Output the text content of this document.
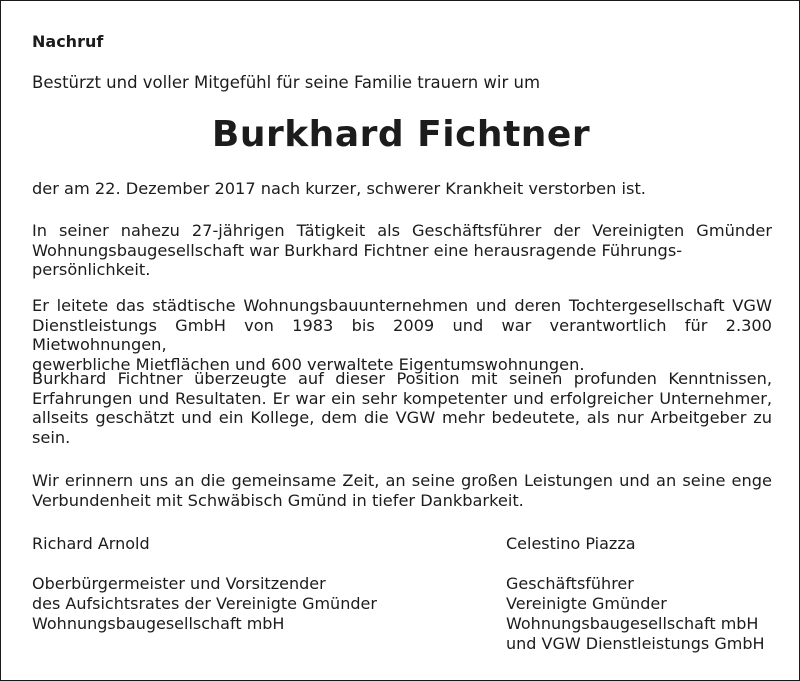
Nachruf
Bestürzt und voller Mitgefühl für seine Familie trauern wir um
Burkhard Fichtner
der am 22. Dezember 2017 nach kurzer, schwerer Krankheit verstorben ist.
In seiner nahezu 27-jährigen Tätigkeit als Geschäftsführer der Vereinigten Gmünder
Wohnungsbaugesellschaft war Burkhard Fichtner eine herausragende Führungs-
persönlichkeit.
Er leitete das städtische Wohnungsbauunternehmen und deren Tochtergesellschaft VGW
Dienstleistungs GmbH von 1983 bis 2009 und war verantwortlich für 2.300 Mietwohnungen,
gewerbliche Mietflächen und 600 verwaltete Eigentumswohnungen.
Burkhard Fichtner überzeugte auf dieser Position mit seinen profunden Kenntnissen,
Erfahrungen und Resultaten. Er war ein sehr kompetenter und erfolgreicher Unternehmer,
allseits geschätzt und ein Kollege, dem die VGW mehr bedeutete, als nur Arbeitgeber zu
sein.
Wir erinnern uns an die gemeinsame Zeit, an seine großen Leistungen und an seine enge
Verbundenheit mit Schwäbisch Gmünd in tiefer Dankbarkeit.
Richard Arnold
Oberbürgermeister und Vorsitzender
des Aufsichtsrates der Vereinigte Gmünder
Wohnungsbaugesellschaft mbH
Celestino Piazza
Geschäftsführer
Vereinigte Gmünder
Wohnungsbaugesellschaft mbH
und VGW Dienstleistungs GmbH
